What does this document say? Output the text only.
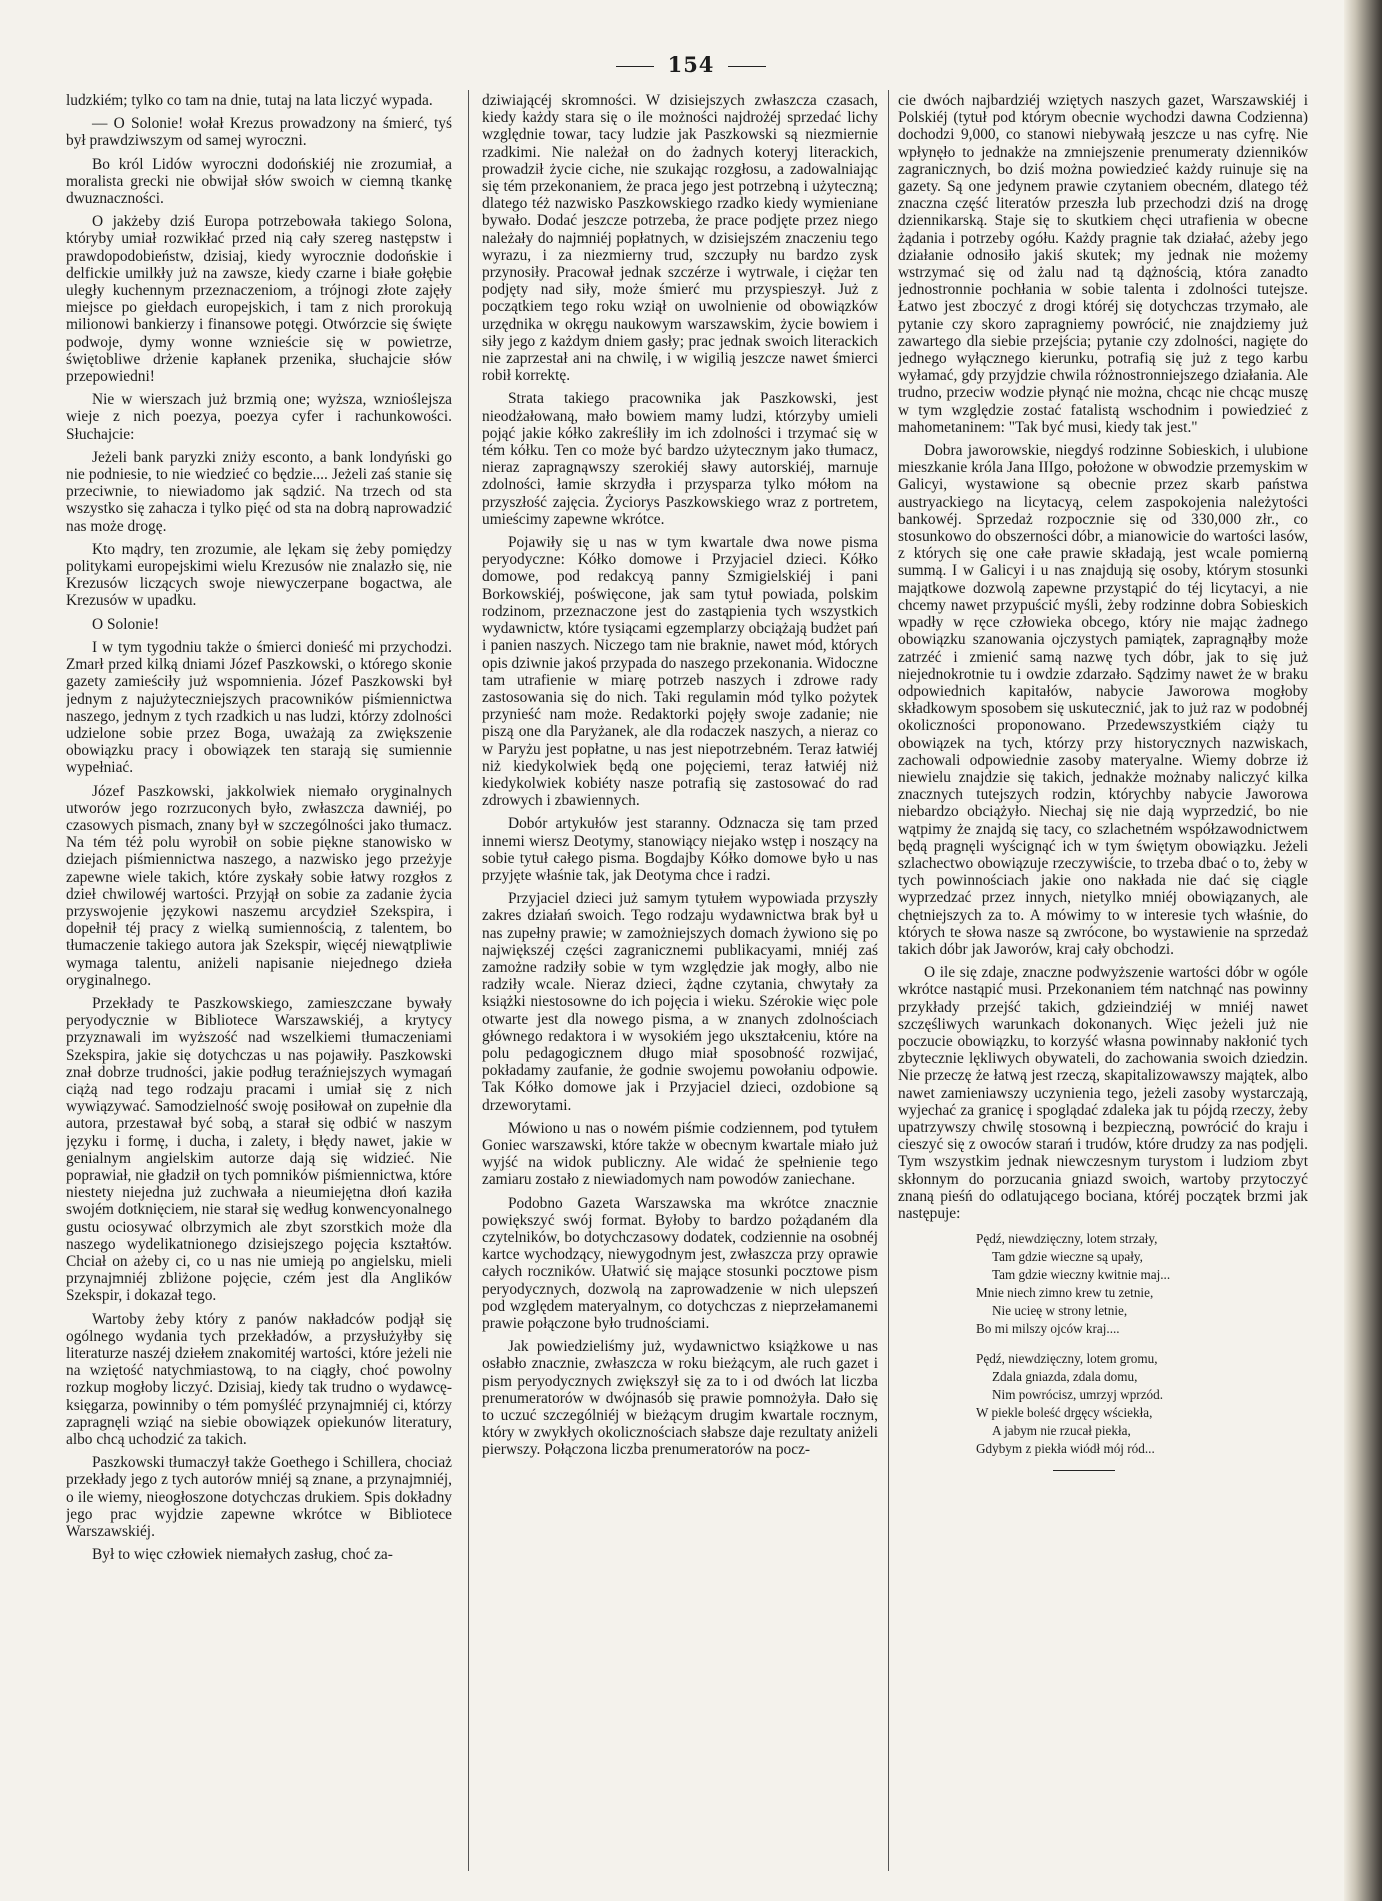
154

ludzkiém; tylko co tam na dnie, tutaj na lata liczyć wypada.

— O Solonie! wołał Krezus prowadzony na śmierć, tyś był prawdziwszym od samej wyroczni.

Bo król Lidów wyroczni dodońskiéj nie zrozumiał, a moralista grecki nie obwijał słów swoich w ciemną tkankę dwuznaczności.

O jakżeby dziś Europa potrzebowała takiego Solona, któryby umiał rozwikłać przed nią cały szereg następstw i prawdopodobieństw, dzisiaj, kiedy wyrocznie dodońskie i delfickie umilkły już na zawsze, kiedy czarne i białe gołębie uległy kuchennym przeznaczeniom, a trójnogi złote zajęły miejsce po giełdach europejskich, i tam z nich prorokują milionowi bankierzy i finansowe potęgi. Otwórzcie się święte podwoje, dymy wonne wznieście się w powietrze, świętobliwe drżenie kapłanek przenika, słuchajcie słów przepowiedni!

Nie w wierszach już brzmią one; wyższa, wznioślejsza wieje z nich poezya, poezya cyfer i rachunkowości. Słuchajcie:

Jeżeli bank paryzki zniży esconto, a bank londyński go nie podniesie, to nie wiedzieć co będzie.... Jeżeli zaś stanie się przeciwnie, to niewiadomo jak sądzić. Na trzech od sta wszystko się zahacza i tylko pięć od sta na dobrą naprowadzić nas może drogę.

Kto mądry, ten zrozumie, ale lękam się żeby pomiędzy politykami europejskimi wielu Krezusów nie znalazło się, nie Krezusów liczących swoje niewyczerpane bogactwa, ale Krezusów w upadku.

O Solonie!

I w tym tygodniu także o śmierci donieść mi przychodzi. Zmarł przed kilką dniami Józef Paszkowski, o którego skonie gazety zamieściły już wspomnienia. Józef Paszkowski był jednym z najużyteczniejszych pracowników piśmiennictwa naszego, jednym z tych rzadkich u nas ludzi, którzy zdolności udzielone sobie przez Boga, uważają za zwiększenie obowiązku pracy i obowiązek ten starają się sumiennie wypełniać.

Józef Paszkowski, jakkolwiek niemało oryginalnych utworów jego rozrzuconych było, zwłaszcza dawniéj, po czasowych pismach, znany był w szczególności jako tłumacz. Na tém téż polu wyrobił on sobie piękne stanowisko w dziejach piśmiennictwa naszego, a nazwisko jego przeżyje zapewne wiele takich, które zyskały sobie łatwy rozgłos z dzieł chwilowéj wartości. Przyjął on sobie za zadanie życia przyswojenie językowi naszemu arcydzieł Szekspira, i dopełnił téj pracy z wielką sumiennością, z talentem, bo tłumaczenie takiego autora jak Szekspir, więcéj niewątpliwie wymaga talentu, aniżeli napisanie niejednego dzieła oryginalnego.

Przekłady te Paszkowskiego, zamieszczane bywały peryodycznie w Bibliotece Warszawskiéj, a krytycy przyznawali im wyższość nad wszelkiemi tłumaczeniami Szekspira, jakie się dotychczas u nas pojawiły. Paszkowski znał dobrze trudności, jakie podług teraźniejszych wymagań ciążą nad tego rodzaju pracami i umiał się z nich wywiązywać. Samodzielność swoję posiłował on zupełnie dla autora, przestawał być sobą, a starał się odbić w naszym języku i formę, i ducha, i zalety, i błędy nawet, jakie w genialnym angielskim autorze dają się widzieć. Nie poprawiał, nie gładził on tych pomników piśmiennictwa, które niestety niejedna już zuchwała a nieumiejętna dłoń kaziła swojém dotknięciem, nie starał się według konwencyonalnego gustu ociosywać olbrzymich ale zbyt szorstkich może dla naszego wydelikatnionego dzisiejszego pojęcia kształtów. Chciał on ażeby ci, co u nas nie umieją po angielsku, mieli przynajmniéj zbliżone pojęcie, czém jest dla Anglików Szekspir, i dokazał tego.

Wartoby żeby który z panów nakładców podjął się ogólnego wydania tych przekładów, a przysłużyłby się literaturze naszéj dziełem znakomitéj wartości, które jeżeli nie na wziętość natychmiastową, to na ciągły, choć powolny rozkup mogłoby liczyć. Dzisiaj, kiedy tak trudno o wydawcę-księgarza, powinniby o tém pomyśléć przynajmniéj ci, którzy zapragnęli wziąć na siebie obowiązek opiekunów literatury, albo chcą uchodzić za takich.

Paszkowski tłumaczył także Goethego i Schillera, chociaż przekłady jego z tych autorów mniéj są znane, a przynajmniéj, o ile wiemy, nieogłoszone dotychczas drukiem. Spis dokładny jego prac wyjdzie zapewne wkrótce w Bibliotece Warszawskiéj.

Był to więc człowiek niemałych zasług, choć za-

dziwiającéj skromności. W dzisiejszych zwłaszcza czasach, kiedy każdy stara się o ile możności najdrożéj sprzedać lichy względnie towar, tacy ludzie jak Paszkowski są niezmiernie rzadkimi. Nie należał on do żadnych koteryj literackich, prowadził życie ciche, nie szukając rozgłosu, a zadowalniając się tém przekonaniem, że praca jego jest potrzebną i użyteczną; dlatego téż nazwisko Paszkowskiego rzadko kiedy wymieniane bywało. Dodać jeszcze potrzeba, że prace podjęte przez niego należały do najmniéj popłatnych, w dzisiejszém znaczeniu tego wyrazu, i za niezmierny trud, szczupły nu bardzo zysk przynosiły. Pracował jednak szczérze i wytrwale, i ciężar ten podjęty nad siły, może śmierć mu przyspieszył. Już z początkiem tego roku wziął on uwolnienie od obowiązków urzędnika w okręgu naukowym warszawskim, życie bowiem i siły jego z każdym dniem gasły; prac jednak swoich literackich nie zaprzestał ani na chwilę, i w wigilią jeszcze nawet śmierci robił korrektę.

Strata takiego pracownika jak Paszkowski, jest nieodżałowaną, mało bowiem mamy ludzi, którzyby umieli pojąć jakie kółko zakreśliły im ich zdolności i trzymać się w tém kółku. Ten co może być bardzo użytecznym jako tłumacz, nieraz zapragnąwszy szerokiéj sławy autorskiéj, marnuje zdolności, łamie skrzydła i przysparza tylko mółom na przyszłość zajęcia. Życiorys Paszkowskiego wraz z portretem, umieścimy zapewne wkrótce.

Pojawiły się u nas w tym kwartale dwa nowe pisma peryodyczne: Kółko domowe i Przyjaciel dzieci. Kółko domowe, pod redakcyą panny Szmigielskiéj i pani Borkowskiéj, poświęcone, jak sam tytuł powiada, polskim rodzinom, przeznaczone jest do zastąpienia tych wszystkich wydawnictw, które tysiącami egzemplarzy obciążają budżet pań i panien naszych. Niczego tam nie braknie, nawet mód, których opis dziwnie jakoś przypada do naszego przekonania. Widoczne tam utrafienie w miarę potrzeb naszych i zdrowe rady zastosowania się do nich. Taki regulamin mód tylko pożytek przynieść nam może. Redaktorki pojęły swoje zadanie; nie piszą one dla Paryżanek, ale dla rodaczek naszych, a nieraz co w Paryżu jest popłatne, u nas jest niepotrzebném. Teraz łatwiéj niż kiedykolwiek będą one pojęciemi, teraz łatwiéj niż kiedykolwiek kobiéty nasze potrafią się zastosować do rad zdrowych i zbawiennych.

Dobór artykułów jest staranny. Odznacza się tam przed innemi wiersz Deotymy, stanowiący niejako wstęp i noszący na sobie tytuł całego pisma. Bogdajby Kółko domowe było u nas przyjęte właśnie tak, jak Deotyma chce i radzi.

Przyjaciel dzieci już samym tytułem wypowiada przyszły zakres działań swoich. Tego rodzaju wydawnictwa brak był u nas zupełny prawie; w zamożniejszych domach żywiono się po największéj części zagranicznemi publikacyami, mniéj zaś zamożne radziły sobie w tym względzie jak mogły, albo nie radziły wcale. Nieraz dzieci, żądne czytania, chwytały za książki niestosowne do ich pojęcia i wieku. Szérokie więc pole otwarte jest dla nowego pisma, a w znanych zdolnościach głównego redaktora i w wysokiém jego ukształceniu, które na polu pedagogicznem długo miał sposobność rozwijać, pokładamy zaufanie, że godnie swojemu powołaniu odpowie. Tak Kółko domowe jak i Przyjaciel dzieci, ozdobione są drzeworytami.

Mówiono u nas o nowém piśmie codziennem, pod tytułem Goniec warszawski, które także w obecnym kwartale miało już wyjść na widok publiczny. Ale widać że spełnienie tego zamiaru zostało z niewiadomych nam powodów zaniechane.

Podobno Gazeta Warszawska ma wkrótce znacznie powiększyć swój format. Byłoby to bardzo pożądaném dla czytelników, bo dotychczasowy dodatek, codziennie na osobnéj kartce wychodzący, niewygodnym jest, zwłaszcza przy oprawie całych roczników. Ułatwić się mające stosunki pocztowe pism peryodycznych, dozwolą na zaprowadzenie w nich ulepszeń pod względem materyalnym, co dotychczas z nieprzełamanemi prawie połączone było trudnościami.

Jak powiedzieliśmy już, wydawnictwo książkowe u nas osłabło znacznie, zwłaszcza w roku bieżącym, ale ruch gazet i pism peryodycznych zwiększył się za to i od dwóch lat liczba prenumeratorów w dwójnasób się prawie pomnożyła. Dało się to uczuć szczególniéj w bieżącym drugim kwartale rocznym, który w zwykłych okolicznościach słabsze daje rezultaty aniżeli pierwszy. Połączona liczba prenumeratorów na pocz-

cie dwóch najbardziéj wziętych naszych gazet, Warszawskiéj i Polskiéj (tytuł pod którym obecnie wychodzi dawna Codzienna) dochodzi 9,000, co stanowi niebywałą jeszcze u nas cyfrę. Nie wpłynęło to jednakże na zmniejszenie prenumeraty dzienników zagranicznych, bo dziś można powiedzieć każdy ruinuje się na gazety. Są one jedynem prawie czytaniem obecném, dlatego téż znaczna część literatów przeszła lub przechodzi dziś na drogę dziennikarską. Staje się to skutkiem chęci utrafienia w obecne żądania i potrzeby ogółu. Każdy pragnie tak działać, ażeby jego działanie odnosiło jakiś skutek; my jednak nie możemy wstrzymać się od żalu nad tą dążnością, która zanadto jednostronnie pochłania w sobie talenta i zdolności tutejsze. Łatwo jest zboczyć z drogi któréj się dotychczas trzymało, ale pytanie czy skoro zapragniemy powrócić, nie znajdziemy już zawartego dla siebie przejścia; pytanie czy zdolności, nagięte do jednego wyłącznego kierunku, potrafią się już z tego karbu wyłamać, gdy przyjdzie chwila różnostronniejszego działania. Ale trudno, przeciw wodzie płynąć nie można, chcąc nie chcąc muszę w tym względzie zostać fatalistą wschodnim i powiedzieć z mahometaninem: "Tak być musi, kiedy tak jest."

Dobra jaworowskie, niegdyś rodzinne Sobieskich, i ulubione mieszkanie króla Jana IIIgo, położone w obwodzie przemyskim w Galicyi, wystawione są obecnie przez skarb państwa austryackiego na licytacyą, celem zaspokojenia należytości bankowéj. Sprzedaż rozpocznie się od 330,000 złr., co stosunkowo do obszerności dóbr, a mianowicie do wartości lasów, z których się one całe prawie składają, jest wcale pomierną summą. I w Galicyi i u nas znajdują się osoby, którym stosunki majątkowe dozwolą zapewne przystąpić do téj licytacyi, a nie chcemy nawet przypuścić myśli, żeby rodzinne dobra Sobieskich wpadły w ręce człowieka obcego, który nie mając żadnego obowiązku szanowania ojczystych pamiątek, zapragnąłby może zatrzéć i zmienić samą nazwę tych dóbr, jak to się już niejednokrotnie tu i owdzie zdarzało. Sądzimy nawet że w braku odpowiednich kapitałów, nabycie Jaworowa mogłoby składkowym sposobem się uskutecznić, jak to już raz w podobnéj okoliczności proponowano. Przedewszystkiém ciąży tu obowiązek na tych, którzy przy historycznych nazwiskach, zachowali odpowiednie zasoby materyalne. Wiemy dobrze iż niewielu znajdzie się takich, jednakże możnaby naliczyć kilka znacznych tutejszych rodzin, którychby nabycie Jaworowa niebardzo obciążyło. Niechaj się nie dają wyprzedzić, bo nie wątpimy że znajdą się tacy, co szlachetném współzawodnictwem będą pragnęli wyścignąć ich w tym świętym obowiązku. Jeżeli szlachectwo obowiązuje rzeczywiście, to trzeba dbać o to, żeby w tych powinnościach jakie ono nakłada nie dać się ciągle wyprzedzać przez innych, nietylko mniéj obowiązanych, ale chętniejszych za to. A mówimy to w interesie tych właśnie, do których te słowa nasze są zwrócone, bo wystawienie na sprzedaż takich dóbr jak Jaworów, kraj cały obchodzi.

O ile się zdaje, znaczne podwyższenie wartości dóbr w ogóle wkrótce nastąpić musi. Przekonaniem tém natchnąć nas powinny przykłady przejść takich, gdzieindziéj w mniéj nawet szczęśliwych warunkach dokonanych. Więc jeżeli już nie poczucie obowiązku, to korzyść własna powinnaby nakłonić tych zbytecznie lękliwych obywateli, do zachowania swoich dziedzin. Nie przeczę że łatwą jest rzeczą, skapitalizowawszy majątek, albo nawet zamieniawszy uczynienia tego, jeżeli zasoby wystarczają, wyjechać za granicę i spoglądać zdaleka jak tu pójdą rzeczy, żeby upatrzywszy chwilę stosowną i bezpieczną, powrócić do kraju i cieszyć się z owoców starań i trudów, które drudzy za nas podjęli. Tym wszystkim jednak niewczesnym turystom i ludziom zbyt skłonnym do porzucania gniazd swoich, wartoby przytoczyć znaną pieśń do odlatującego bociana, któréj początek brzmi jak następuje:

Pędź, niewdzięczny, lotem strzały,
Tam gdzie wieczne są upały,
Tam gdzie wieczny kwitnie maj...
Mnie niech zimno krew tu zetnie,
Nie ucieę w strony letnie,
Bo mi milszy ojców kraj....
Pędź, niewdzięczny, lotem gromu,
Zdala gniazda, zdala domu,
Nim powrócisz, umrzyj wprzód.
W piekle boleść drgęcy wściekła,
A jabym nie rzucał piekła,
Gdybym z piekła wiódł mój ród...
